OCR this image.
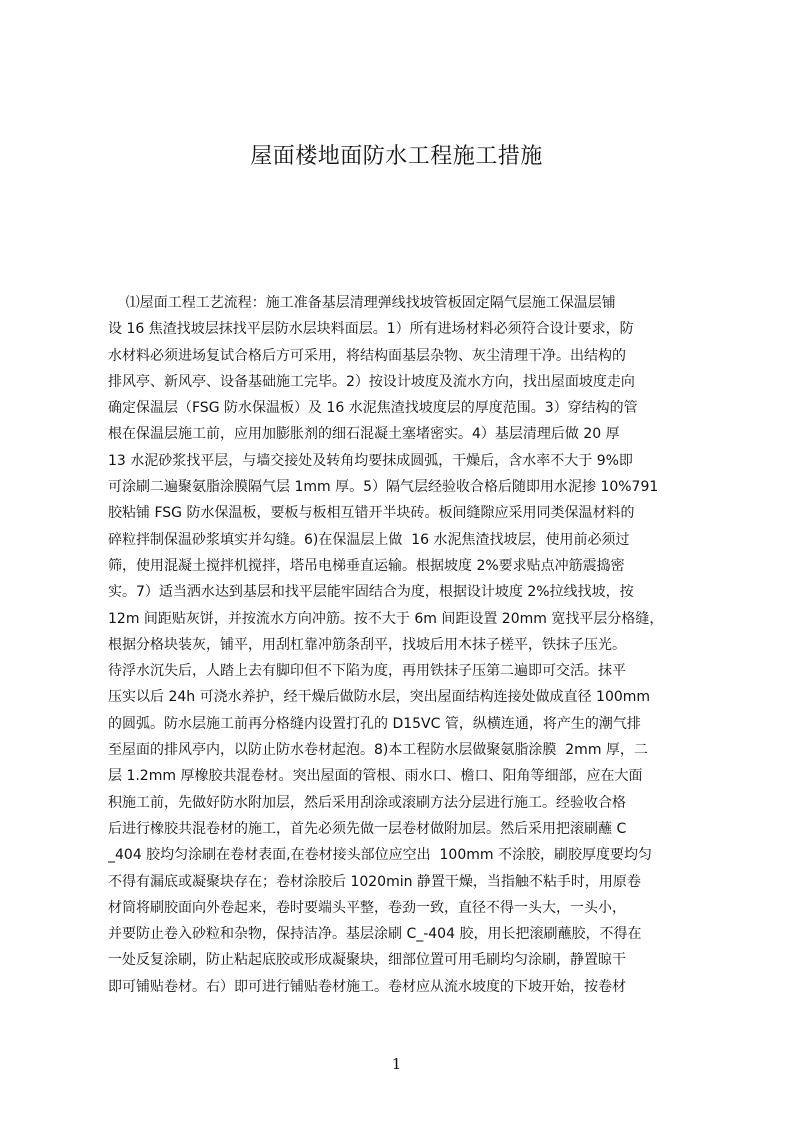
屋面楼地面防水工程施工措施
⑴屋面工程工艺流程：施工准备基层清理弹线找坡管板固定隔气层施工保温层铺
设 16 焦渣找坡层抹找平层防水层块料面层。1）所有进场材料必须符合设计要求，防
水材料必须进场复试合格后方可采用，将结构面基层杂物、灰尘清理干净。出结构的
排风亭、新风亭、设备基础施工完毕。2）按设计坡度及流水方向，找出屋面坡度走向
确定保温层（FSG 防水保温板）及 16 水泥焦渣找坡度层的厚度范围。3）穿结构的管
根在保温层施工前，应用加膨胀剂的细石混凝土塞堵密实。4）基层清理后做 20 厚
13 水泥砂浆找平层，与墙交接处及转角均要抹成圆弧，干燥后，含水率不大于 9%即
可涂刷二遍聚氨脂涂膜隔气层 1mm 厚。5）隔气层经验收合格后随即用水泥掺 10%791
胶粘铺 FSG 防水保温板，要板与板相互错开半块砖。板间缝隙应采用同类保温材料的
碎粒拌制保温砂浆填实并勾缝。6)在保温层上做  16 水泥焦渣找坡层，使用前必须过
筛，使用混凝土搅拌机搅拌，塔吊电梯垂直运输。根据坡度 2%要求贴点冲筋震捣密
实。7）适当洒水达到基层和找平层能牢固结合为度，根据设计坡度 2%拉线找坡，按
12m 间距贴灰饼，并按流水方向冲筋。按不大于 6m 间距设置 20mm 宽找平层分格缝，
根据分格块装灰，铺平，用刮杠靠冲筋条刮平，找坡后用木抹子槎平，铁抹子压光。
待浮水沉失后，人踏上去有脚印但不下陷为度，再用铁抹子压第二遍即可交活。抹平
压实以后 24h 可浇水养护，经干燥后做防水层，突出屋面结构连接处做成直径 100mm
的圆弧。防水层施工前再分格缝内设置打孔的 D15VC 管，纵横连通，将产生的潮气排
至屋面的排风亭内，以防止防水卷材起泡。8)本工程防水层做聚氨脂涂膜  2mm 厚，二
层 1.2mm 厚橡胶共混卷材。突出屋面的管根、雨水口、檐口、阳角等细部，应在大面
积施工前，先做好防水附加层，然后采用刮涂或滚刷方法分层进行施工。经验收合格
后进行橡胶共混卷材的施工，首先必须先做一层卷材做附加层。然后采用把滚刷蘸 C
_404 胶均匀涂刷在卷材表面,在卷材接头部位应空出  100mm 不涂胶，刷胶厚度要均匀
不得有漏底或凝聚块存在；卷材涂胶后 1020min 静置干燥，当指触不粘手时，用原卷
材筒将刷胶面向外卷起来，卷时要端头平整，卷劲一致，直径不得一头大，一头小，
并要防止卷入砂粒和杂物，保持洁净。基层涂刷 C_-404 胶，用长把滚刷蘸胶，不得在
一处反复涂刷，防止粘起底胶或形成凝聚块，细部位置可用毛刷均匀涂刷，静置晾干
即可铺贴卷材。右）即可进行铺贴卷材施工。卷材应从流水坡度的下坡开始，按卷材
1
